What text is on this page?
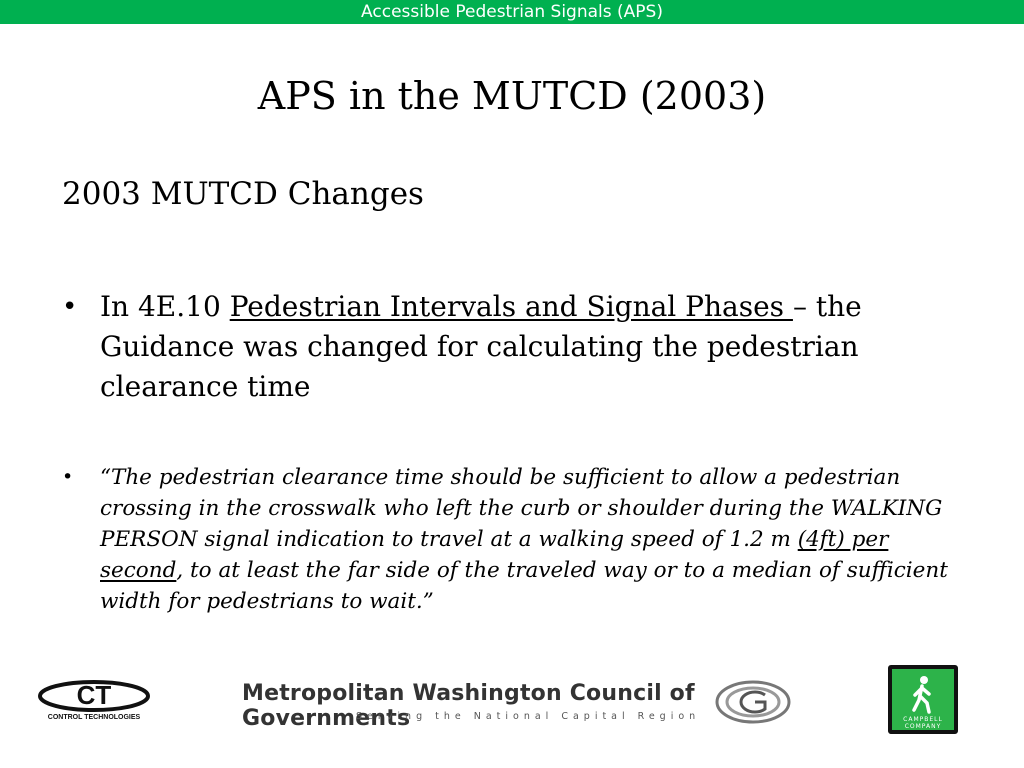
Accessible Pedestrian Signals (APS)
APS in the MUTCD (2003)
2003 MUTCD Changes
• In 4E.10 Pedestrian Intervals and Signal Phases – the Guidance was changed for calculating the pedestrian clearance time
• “The pedestrian clearance time should be sufficient to allow a pedestrian crossing in the crosswalk who left the curb or shoulder during the WALKING PERSON signal indication to travel at a walking speed of 1.2 m (4ft) per second, to at least the far side of the traveled way or to a median of sufficient width for pedestrians to wait.”
CT
CONTROL TECHNOLOGIES
Metropolitan Washington Council of Governments
Serving the National Capital Region	CAMPBELL
COMPANY
